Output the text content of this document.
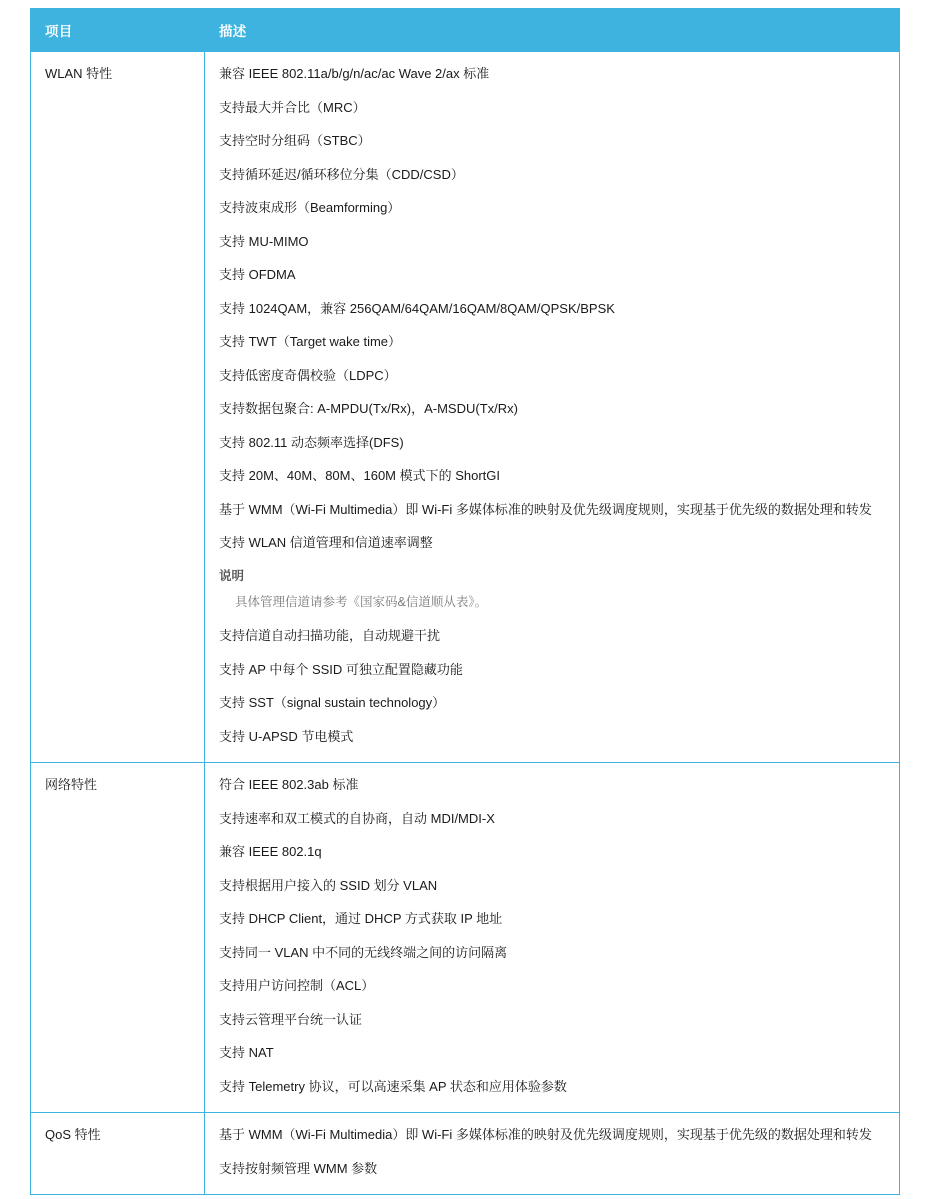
项目	描述
WLAN 特性	兼容 IEEE 802.11a/b/g/n/ac/ac Wave 2/ax 标准

支持最大并合比（MRC）

支持空时分组码（STBC）

支持循环延迟/循环移位分集（CDD/CSD）

支持波束成形（Beamforming）

支持 MU-MIMO

支持 OFDMA

支持 1024QAM，兼容 256QAM/64QAM/16QAM/8QAM/QPSK/BPSK

支持 TWT（Target wake time）

支持低密度奇偶校验（LDPC）

支持数据包聚合: A-MPDU(Tx/Rx)，A-MSDU(Tx/Rx)

支持 802.11 动态频率选择(DFS)

支持 20M、40M、80M、160M 模式下的 ShortGI

基于 WMM（Wi-Fi Multimedia）即 Wi-Fi 多媒体标准的映射及优先级调度规则，实现基于优先级的数据处理和转发

支持 WLAN 信道管理和信道速率调整

说明

具体管理信道请参考《国家码&信道顺从表》。

支持信道自动扫描功能，自动规避干扰

支持 AP 中每个 SSID 可独立配置隐藏功能

支持 SST（signal sustain technology）

支持 U-APSD 节电模式

网络特性	符合 IEEE 802.3ab 标准

支持速率和双工模式的自协商，自动 MDI/MDI-X

兼容 IEEE 802.1q

支持根据用户接入的 SSID 划分 VLAN

支持 DHCP Client，通过 DHCP 方式获取 IP 地址

支持同一 VLAN 中不同的无线终端之间的访问隔离

支持用户访问控制（ACL）

支持云管理平台统一认证

支持 NAT

支持 Telemetry 协议，可以高速采集 AP 状态和应用体验参数

QoS 特性	基于 WMM（Wi-Fi Multimedia）即 Wi-Fi 多媒体标准的映射及优先级调度规则，实现基于优先级的数据处理和转发

支持按射频管理 WMM 参数
